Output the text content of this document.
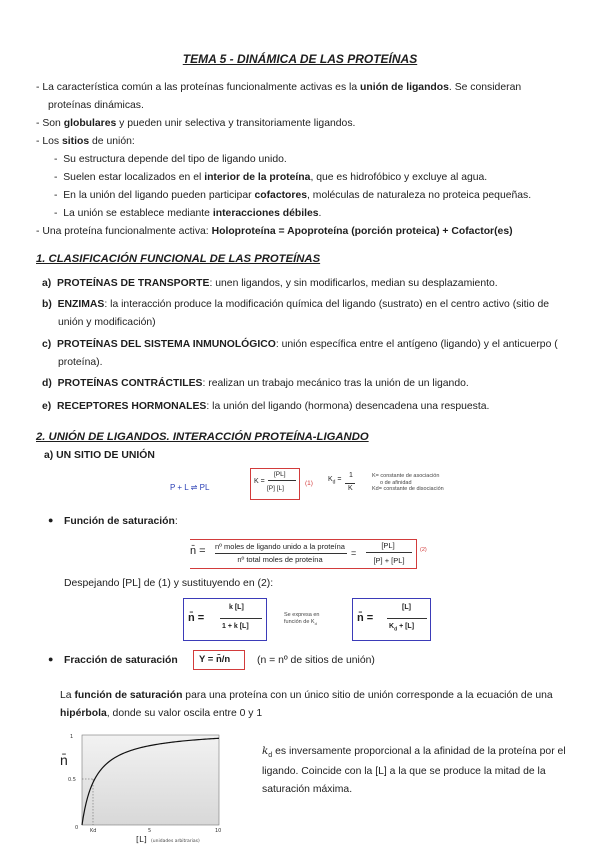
TEMA 5 - DINÁMICA DE LAS PROTEÍNAS
- La característica común a las proteínas funcionalmente activas es la unión de ligandos. Se consideran
proteínas dinámicas.
- Son globulares y pueden unir selectiva y transitoriamente ligandos.
- Los sitios de unión:
-  Su estructura depende del tipo de ligando unido.
-  Suelen estar localizados en el interior de la proteína, que es hidrofóbico y excluye al agua.
-  En la unión del ligando pueden participar cofactores, moléculas de naturaleza no proteica pequeñas.
-  La unión se establece mediante interacciones débiles.
- Una proteína funcionalmente activa: Holoproteína = Apoproteína (porción proteica) + Cofactor(es)
1. CLASIFICACIÓN FUNCIONAL DE LAS PROTEÍNAS
a) PROTEÍNAS DE TRANSPORTE: unen ligandos, y sin modificarlos, median su desplazamiento.
b) ENZIMAS: la interacción produce la modificación química del ligando (sustrato) en el centro activo (sitio de
unión y modificación)
c) PROTEÍNAS DEL SISTEMA INMUNOLÓGICO: unión específica entre el antígeno (ligando) y el anticuerpo (
proteína).
d) PROTEÍNAS CONTRÁCTILES: realizan un trabajo mecánico tras la unión de un ligando.
e) RECEPTORES HORMONALES: la unión del ligando (hormona) desencadena una respuesta.
2. UNIÓN DE LIGANDOS. INTERACCIÓN PROTEÍNA-LIGANDO
a) UN SITIO DE UNIÓN
P + L ⇌ PL
K =
[PL]
[P] [L]
(1)
$K_d$ =
1
K
K= constante de asociación
o de afinidad
Kd= constante de disociación
● Función de saturación:
n̄ = nº moles de ligando unido a la proteína
nº total moles de proteína
=
[PL]
[P] + [PL]
(2)
Despejando [PL] de (1) y sustituyendo en (2):
n̄ =
k [L]
1 + k [L]
Se expresa en
función de $K_d$	n̄ =
[L]
$K_d + [L]$
● Fracción de saturación Y = n̄/n	(n = nº de sitios de unión)
La función de saturación para una proteína con un único sitio de unión corresponde a la ecuación de una
hipérbola, donde su valor oscila entre 0 y 1
n̄
1
0.5
0 Kd	5	10
[L] (unidades arbitrarias)
$k_d$ es inversamente proporcional a la afinidad de la proteína por el
ligando. Coincide con la [L] a la que se produce la mitad de la
saturación máxima.
